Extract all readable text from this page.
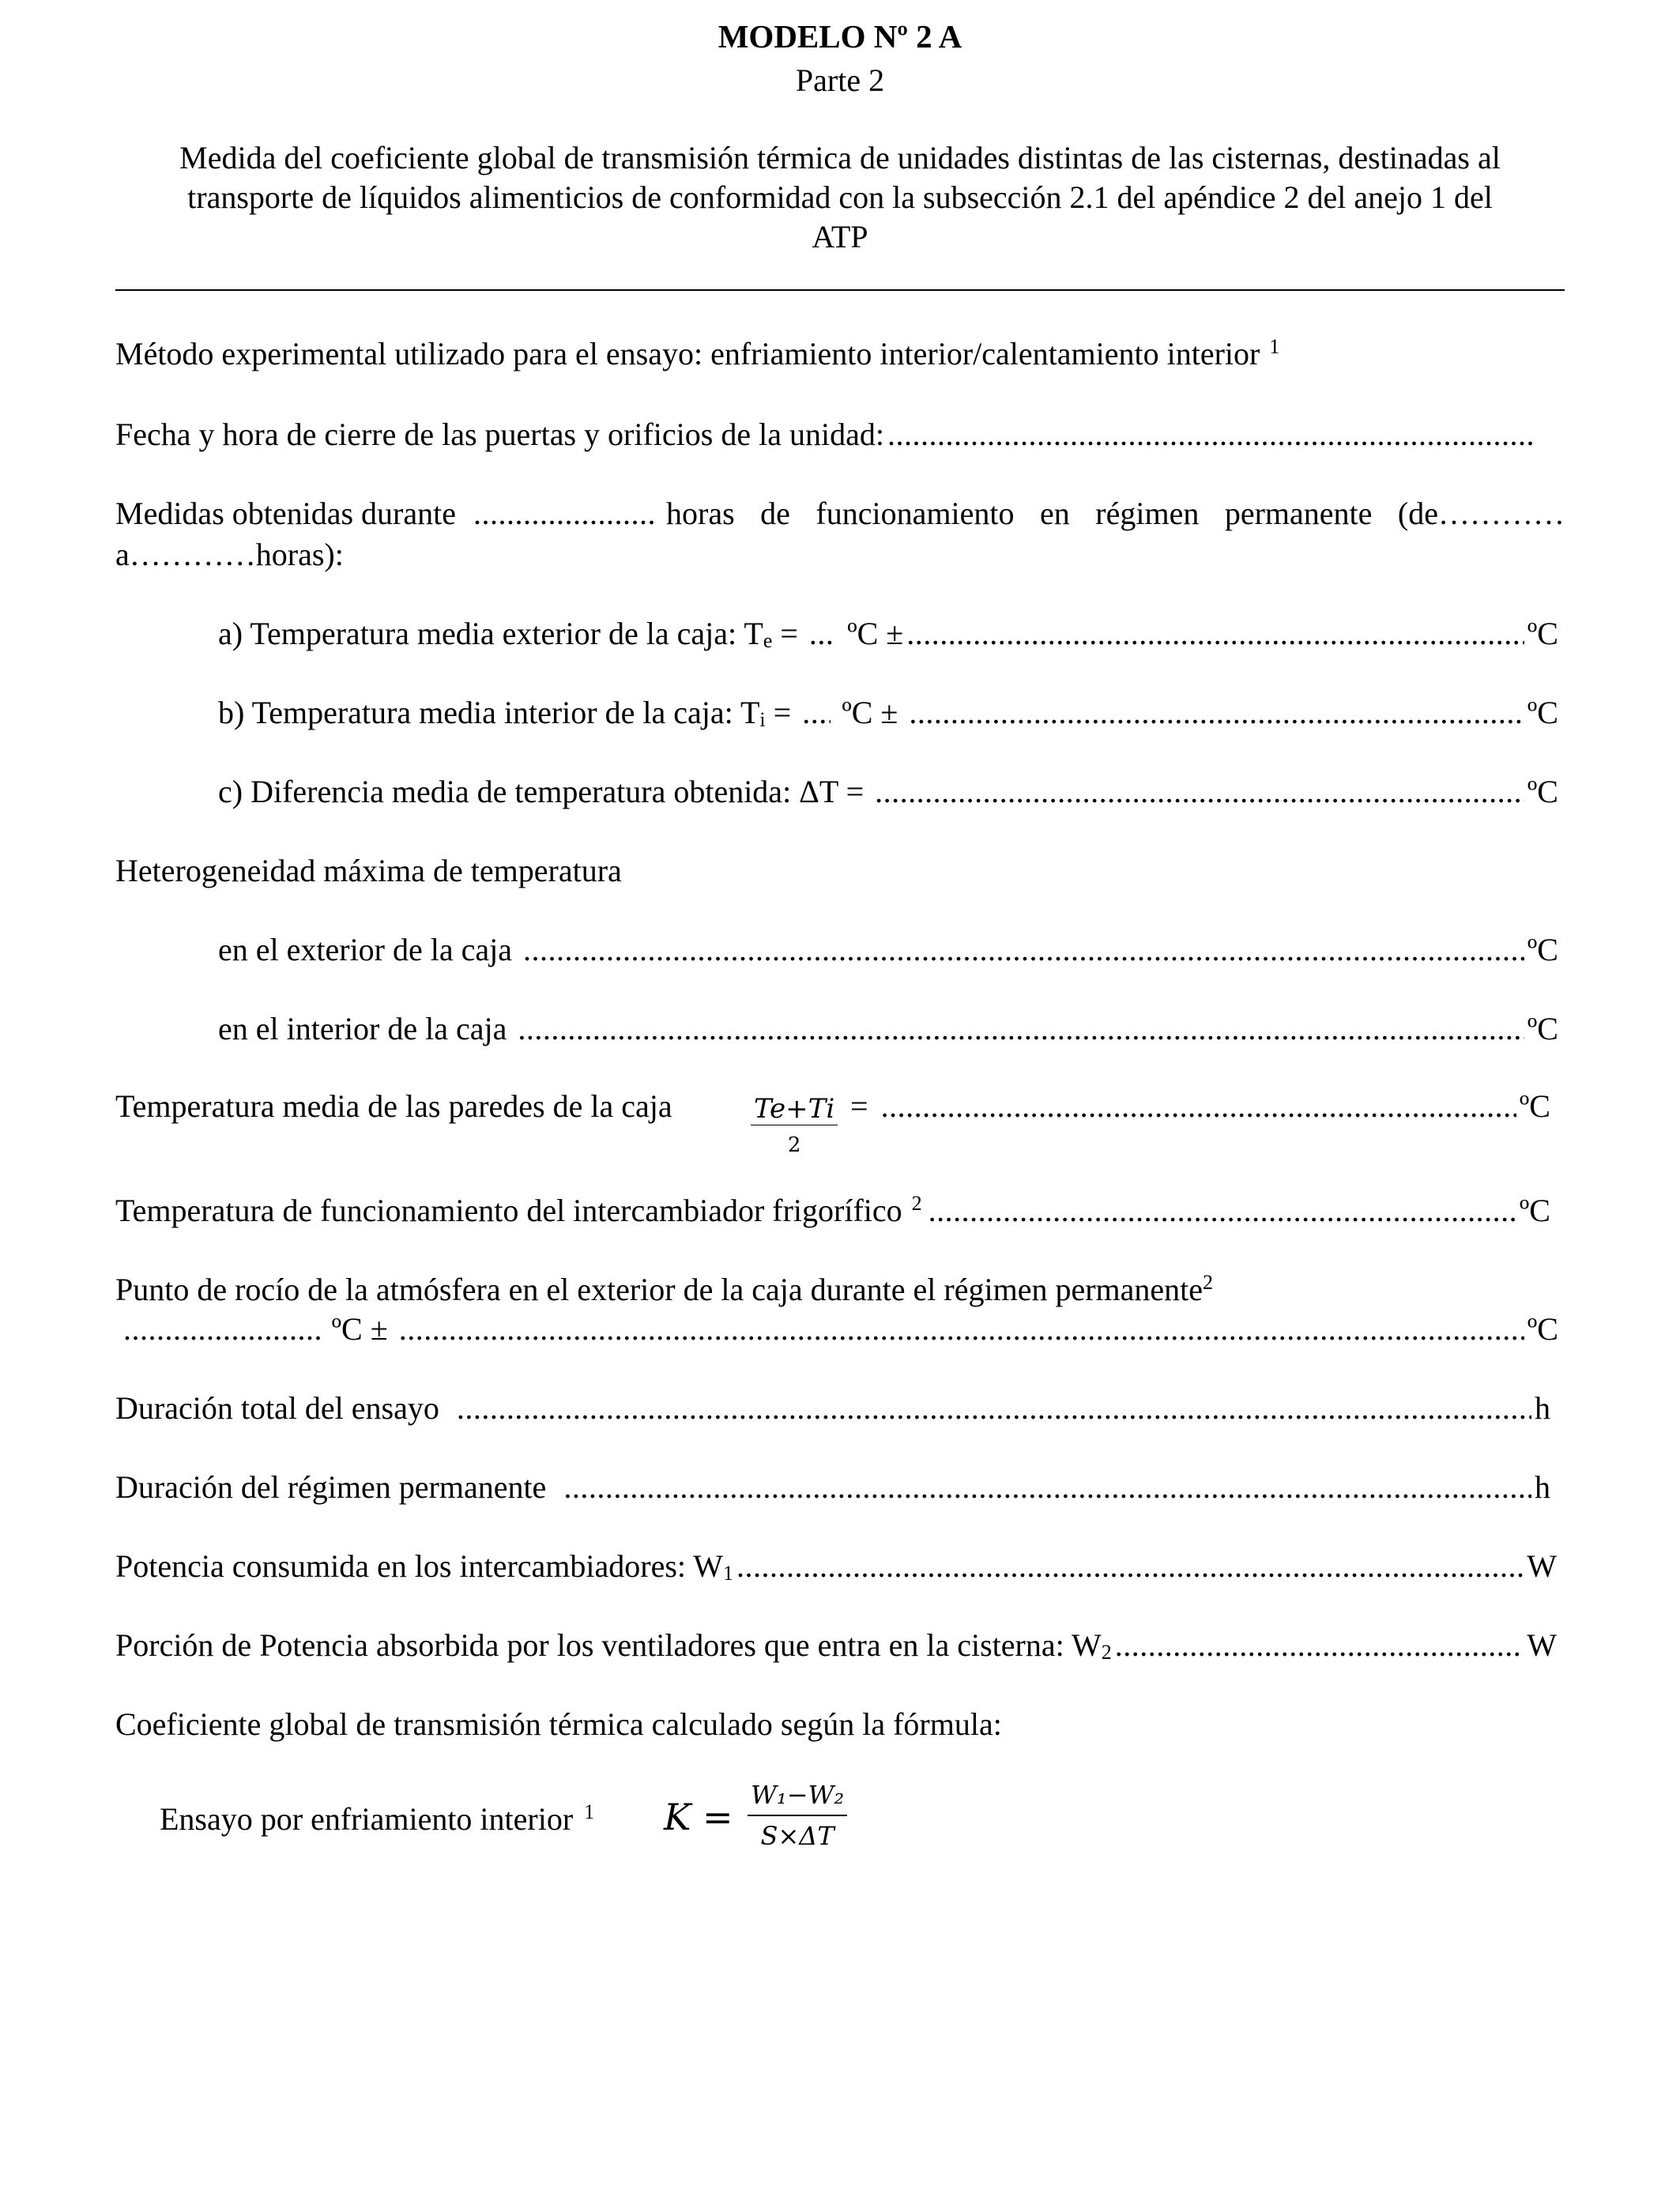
MODELO Nº 2 A
Parte 2
Medida del coeficiente global de transmisión térmica de unidades distintas de las cisternas, destinadas al
transporte de líquidos alimenticios de conformidad con la subsección 2.1 del apéndice 2 del anejo 1 del
ATP
Método experimental utilizado para el ensayo: enfriamiento interior/calentamiento interior $^1$
Fecha y hora de cierre de las puertas y orificios de la unidad:
.....
Medidas obtenidas durante .....	horas de funcionamiento en régimen permanente (de…………
a…………horas):
a) Temperatura media exterior de la caja: $T_e$ = ..... ºC ± .....	ºC
b) Temperatura media interior de la caja: $T_i$ = ..... ºC ± .....	ºC
c) Diferencia media de temperatura obtenida: ΔT = .....	ºC
Heterogeneidad máxima de temperatura
en el exterior de la caja .....	ºC
en el interior de la caja .....	ºC
Temperatura media de las paredes de la caja	Te+Ti
2
= .....	ºC
Temperatura de funcionamiento del intercambiador frigorífico $^2$ .....	ºC
Punto de rocío de la atmósfera en el exterior de la caja durante el régimen permanente$^2$
.....
ºC ± .....	ºC
Duración total del ensayo .....	h
Duración del régimen permanente .....	h
Potencia consumida en los intercambiadores: $W_1$ .....	W
Porción de Potencia absorbida por los ventiladores que entra en la cisterna: $W_2$ .....	W
Coeficiente global de transmisión térmica calculado según la fórmula:
Ensayo por enfriamiento interior $^1$ $K = \frac{\text{W₁−W₂}}{S\times\Delta T}$
